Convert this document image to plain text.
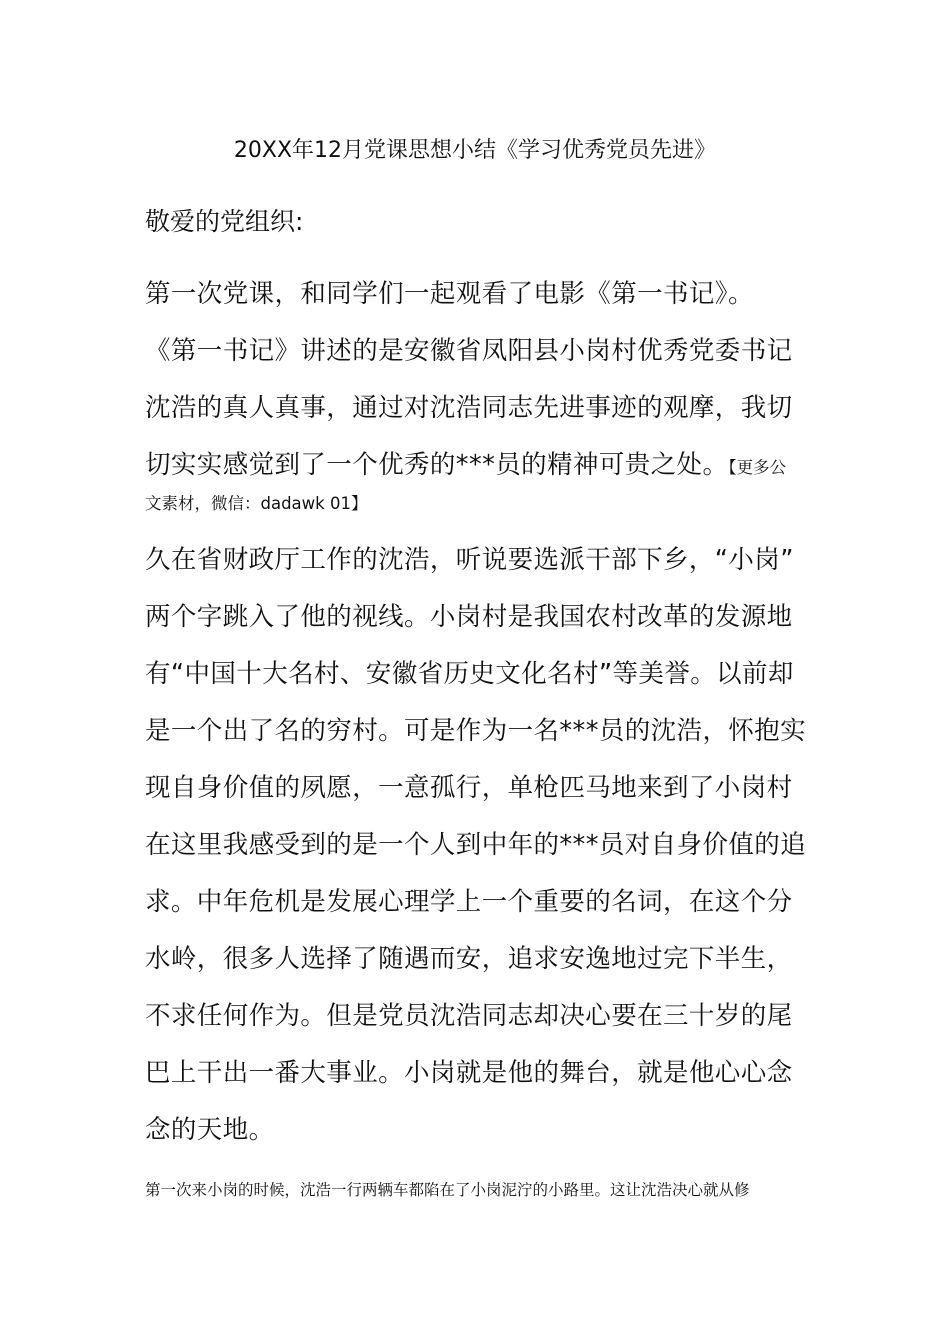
20XX年12月党课思想小结《学习优秀党员先进》
敬爱的党组织:
第一次党课，和同学们一起观看了电影《第一书记》。
《第一书记》讲述的是安徽省凤阳县小岗村优秀党委书记
沈浩的真人真事，通过对沈浩同志先进事迹的观摩，我切
切实实感觉到了一个优秀的***员的精神可贵之处。【更多公
文素材，微信：dadawk 01】
久在省财政厅工作的沈浩，听说要选派干部下乡，“小岗”
两个字跳入了他的视线。小岗村是我国农村改革的发源地
有“中国十大名村、安徽省历史文化名村”等美誉。以前却
是一个出了名的穷村。可是作为一名***员的沈浩，怀抱实
现自身价值的夙愿，一意孤行，单枪匹马地来到了小岗村
在这里我感受到的是一个人到中年的***员对自身价值的追
求。中年危机是发展心理学上一个重要的名词，在这个分
水岭，很多人选择了随遇而安，追求安逸地过完下半生，
不求任何作为。但是党员沈浩同志却决心要在三十岁的尾
巴上干出一番大事业。小岗就是他的舞台，就是他心心念
念的天地。
第一次来小岗的时候，沈浩一行两辆车都陷在了小岗泥泞的小路里。这让沈浩决心就从修
